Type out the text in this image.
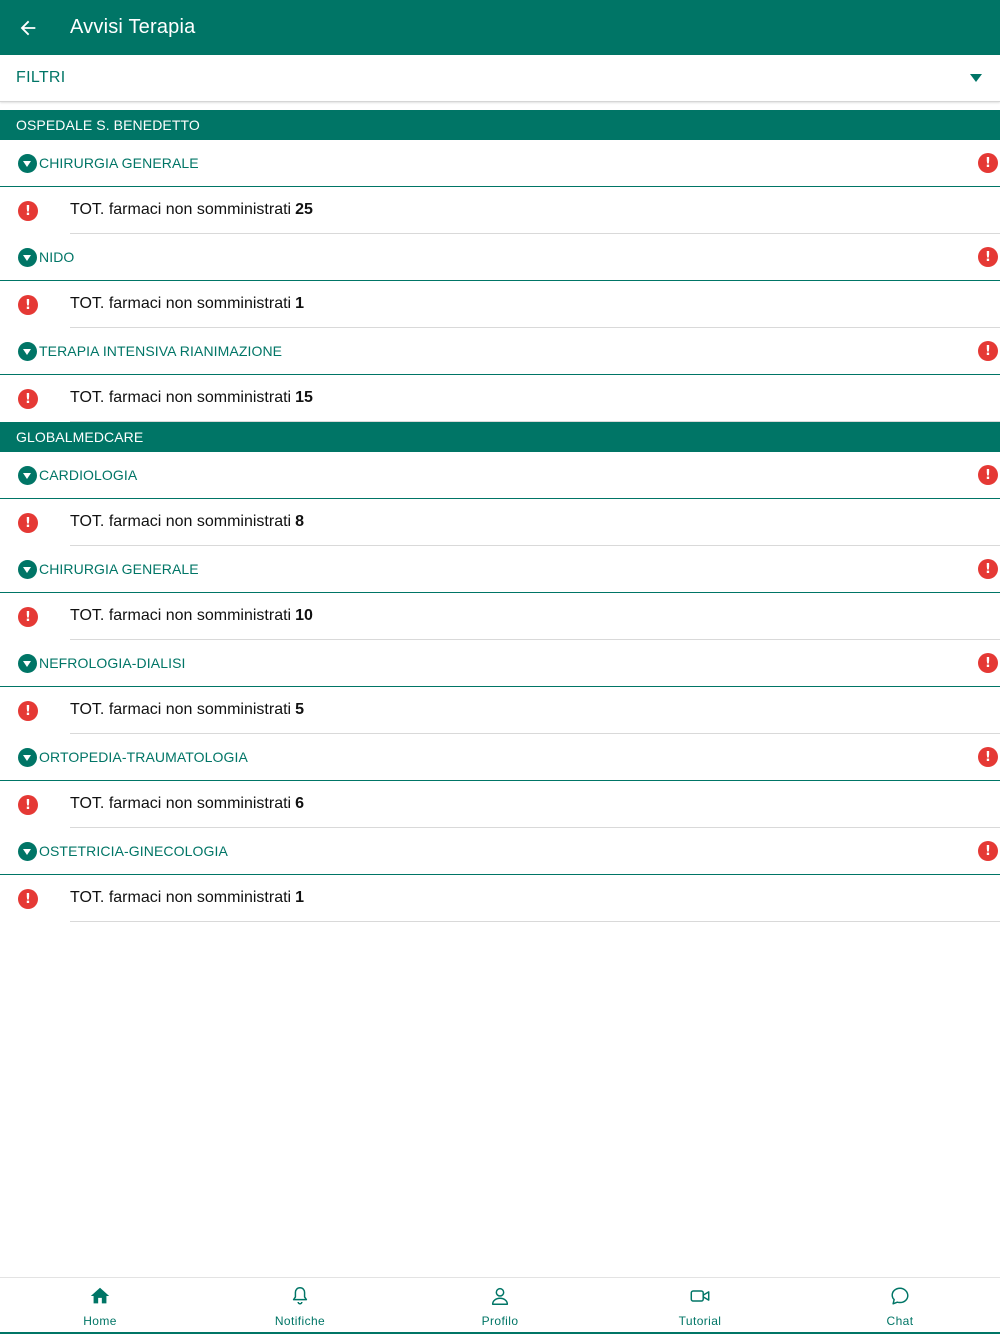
Avvisi Terapia
FILTRI
OSPEDALE S. BENEDETTO
CHIRURGIA GENERALE	!
!	TOT. farmaci non somministrati 25
NIDO	!
!	TOT. farmaci non somministrati 1
TERAPIA INTENSIVA RIANIMAZIONE	!
!	TOT. farmaci non somministrati 15
GLOBALMEDCARE
CARDIOLOGIA	!
!	TOT. farmaci non somministrati 8
CHIRURGIA GENERALE	!
!	TOT. farmaci non somministrati 10
NEFROLOGIA-DIALISI	!
!	TOT. farmaci non somministrati 5
ORTOPEDIA-TRAUMATOLOGIA	!
!	TOT. farmaci non somministrati 6
OSTETRICIA-GINECOLOGIA	!
!	TOT. farmaci non somministrati 1
Home	Notifiche	Profilo	Tutorial	Chat
